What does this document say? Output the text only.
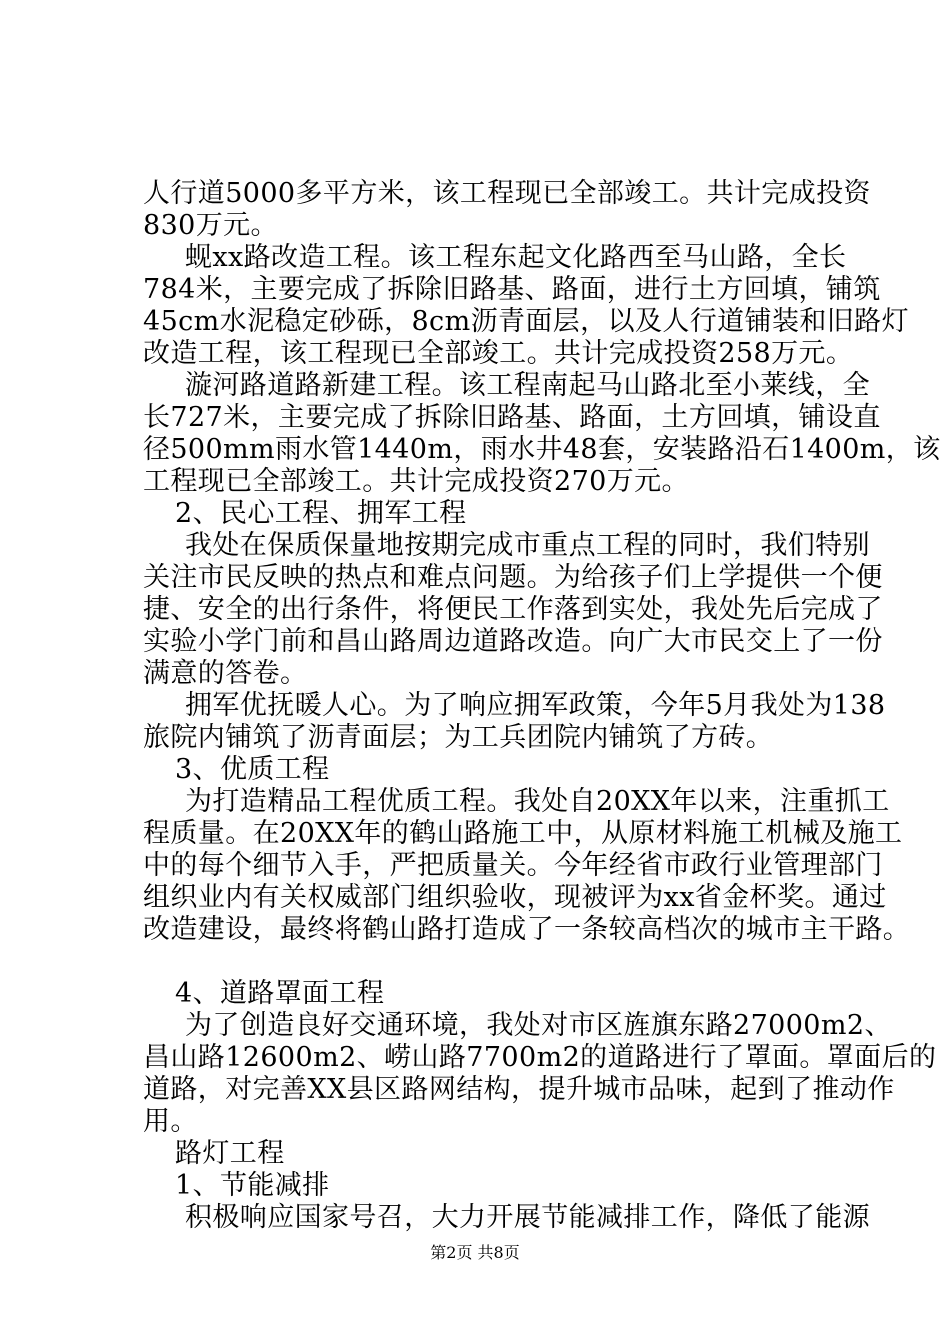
人行道5000多平方米，该工程现已全部竣工。共计完成投资
830万元。
蚬xx路改造工程。该工程东起文化路西至马山路，全长
784米，主要完成了拆除旧路基、路面，进行土方回填，铺筑
45cm水泥稳定砂砾，8cm沥青面层，以及人行道铺装和旧路灯
改造工程，该工程现已全部竣工。共计完成投资258万元。
漩河路道路新建工程。该工程南起马山路北至小莱线，全
长727米，主要完成了拆除旧路基、路面，土方回填，铺设直
径500mm雨水管1440m，雨水井48套，安装路沿石1400m，该
工程现已全部竣工。共计完成投资270万元。
2、民心工程、拥军工程
我处在保质保量地按期完成市重点工程的同时，我们特别
关注市民反映的热点和难点问题。为给孩子们上学提供一个便
捷、安全的出行条件，将便民工作落到实处，我处先后完成了
实验小学门前和昌山路周边道路改造。向广大市民交上了一份
满意的答卷。
拥军优抚暖人心。为了响应拥军政策，今年5月我处为138
旅院内铺筑了沥青面层；为工兵团院内铺筑了方砖。
3、优质工程
为打造精品工程优质工程。我处自20XX年以来，注重抓工
程质量。在20XX年的鹤山路施工中，从原材料施工机械及施工
中的每个细节入手，严把质量关。今年经省市政行业管理部门
组织业内有关权威部门组织验收，现被评为xx省金杯奖。通过
改造建设，最终将鹤山路打造成了一条较高档次的城市主干路。
4、道路罩面工程
为了创造良好交通环境，我处对市区旌旗东路27000m2、
昌山路12600m2、崂山路7700m2的道路进行了罩面。罩面后的
道路，对完善XX县区路网结构，提升城市品味，起到了推动作
用。
路灯工程
1、节能减排
积极响应国家号召，大力开展节能减排工作，降低了能源
第2页 共8页
